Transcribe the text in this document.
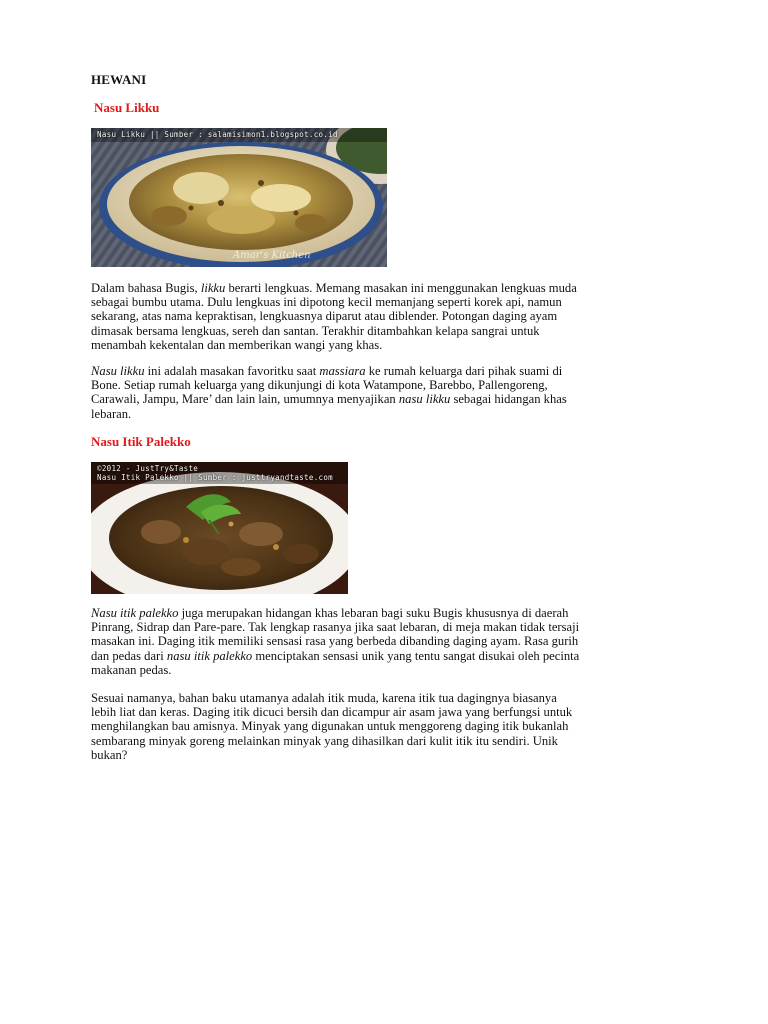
HEWANI
Nasu Likku
Nasu Likku || Sumber : salamisimon1.blogspot.co.id
Amar's Kitchen
Dalam bahasa Bugis, likku berarti lengkuas. Memang masakan ini menggunakan lengkuas muda
sebagai bumbu utama. Dulu lengkuas ini dipotong kecil memanjang seperti korek api, namun
sekarang, atas nama kepraktisan, lengkuasnya diparut atau diblender. Potongan daging ayam
dimasak bersama lengkuas, sereh dan santan. Terakhir ditambahkan kelapa sangrai untuk
menambah kekentalan dan memberikan wangi yang khas.
Nasu likku ini adalah masakan favoritku saat massiara ke rumah keluarga dari pihak suami di
Bone. Setiap rumah keluarga yang dikunjungi di kota Watampone, Barebbo, Pallengoreng,
Carawali, Jampu, Mare’ dan lain lain, umumnya menyajikan nasu likku sebagai hidangan khas
lebaran.
Nasu Itik Palekko
©2012 - JustTry&Taste
Nasu Itik Palekko || Sumber : justtryandtaste.com
Nasu itik palekko juga merupakan hidangan khas lebaran bagi suku Bugis khususnya di daerah
Pinrang, Sidrap dan Pare-pare. Tak lengkap rasanya jika saat lebaran, di meja makan tidak tersaji
masakan ini. Daging itik memiliki sensasi rasa yang berbeda dibanding daging ayam. Rasa gurih
dan pedas dari nasu itik palekko menciptakan sensasi unik yang tentu sangat disukai oleh pecinta
makanan pedas.
Sesuai namanya, bahan baku utamanya adalah itik muda, karena itik tua dagingnya biasanya
lebih liat dan keras. Daging itik dicuci bersih dan dicampur air asam jawa yang berfungsi untuk
menghilangkan bau amisnya. Minyak yang digunakan untuk menggoreng daging itik bukanlah
sembarang minyak goreng melainkan minyak yang dihasilkan dari kulit itik itu sendiri. Unik
bukan?
